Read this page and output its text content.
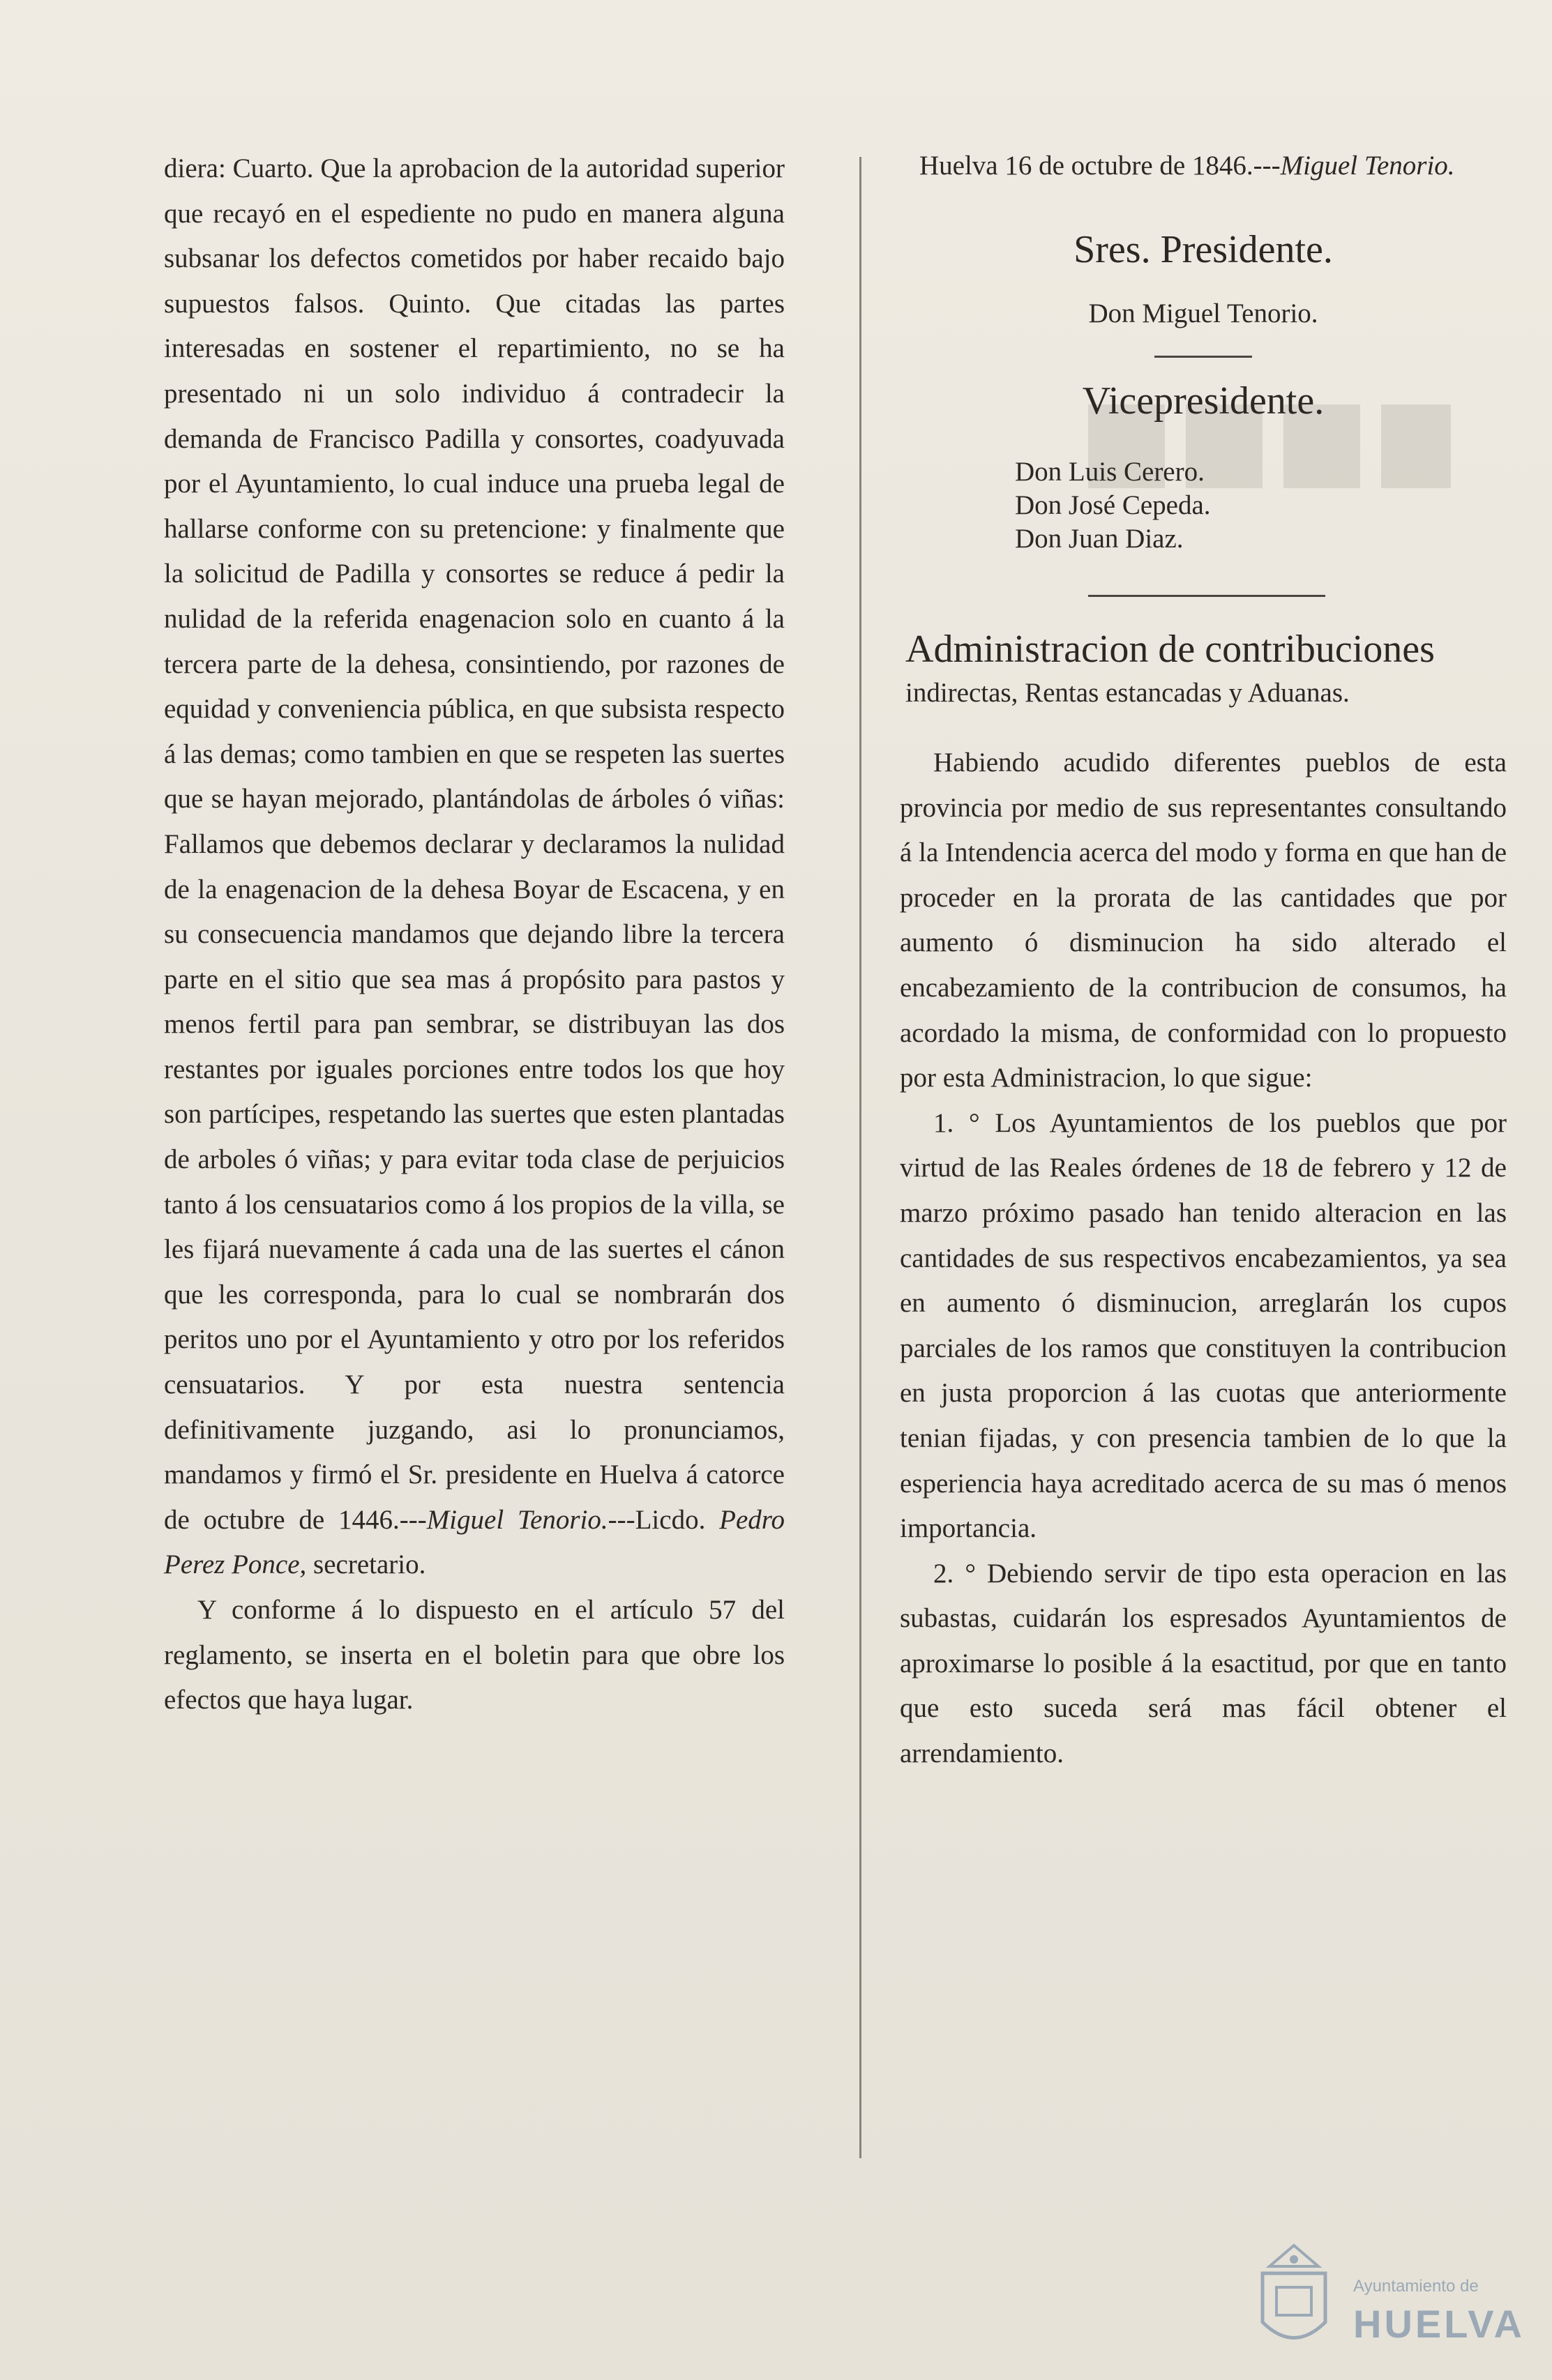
diera: Cuarto. Que la aprobacion de la autoridad superior que recayó en el espediente no pudo en manera alguna subsanar los defectos cometidos por haber recaido bajo supuestos falsos. Quinto. Que citadas las partes interesadas en sostener el repartimiento, no se ha presentado ni un solo individuo á contradecir la demanda de Francisco Padilla y consortes, coadyuvada por el Ayuntamiento, lo cual induce una prueba legal de hallarse conforme con su pretencione: y finalmente que la solicitud de Padilla y consortes se reduce á pedir la nulidad de la referida enagenacion solo en cuanto á la tercera parte de la dehesa, consintiendo, por razones de equidad y conveniencia pública, en que subsista respecto á las demas; como tambien en que se respeten las suertes que se hayan mejorado, plantándolas de árboles ó viñas: Fallamos que debemos declarar y declaramos la nulidad de la enagenacion de la dehesa Boyar de Escacena, y en su consecuencia mandamos que dejando libre la tercera parte en el sitio que sea mas á propósito para pastos y menos fertil para pan sembrar, se distribuyan las dos restantes por iguales porciones entre todos los que hoy son partícipes, respetando las suertes que esten plantadas de arboles ó viñas; y para evitar toda clase de perjuicios tanto á los censuatarios como á los propios de la villa, se les fijará nuevamente á cada una de las suertes el cánon que les corresponda, para lo cual se nombrarán dos peritos uno por el Ayuntamiento y otro por los referidos censuatarios. Y por esta nuestra sentencia definitivamente juzgando, asi lo pronunciamos, mandamos y firmó el Sr. presidente en Huelva á catorce de octubre de 1446.---Miguel Tenorio.---Licdo. Pedro Perez Ponce, secretario.

Y conforme á lo dispuesto en el artículo 57 del reglamento, se inserta en el boletin para que obre los efectos que haya lugar.

Huelva 16 de octubre de 1846.---Miguel Tenorio.

Sres. Presidente.

Don Miguel Tenorio.

Vicepresidente.

Don Luis Cerero.

Don José Cepeda.

Don Juan Diaz.

Administracion de contribuciones

indirectas, Rentas estancadas y Aduanas.

Habiendo acudido diferentes pueblos de esta provincia por medio de sus representantes consultando á la Intendencia acerca del modo y forma en que han de proceder en la prorata de las cantidades que por aumento ó disminucion ha sido alterado el encabezamiento de la contribucion de consumos, ha acordado la misma, de conformidad con lo propuesto por esta Administracion, lo que sigue:

1. ° Los Ayuntamientos de los pueblos que por virtud de las Reales órdenes de 18 de febrero y 12 de marzo próximo pasado han tenido alteracion en las cantidades de sus respectivos encabezamientos, ya sea en aumento ó disminucion, arreglarán los cupos parciales de los ramos que constituyen la contribucion en justa proporcion á las cuotas que anteriormente tenian fijadas, y con presencia tambien de lo que la esperiencia haya acreditado acerca de su mas ó menos importancia.

2. ° Debiendo servir de tipo esta operacion en las subastas, cuidarán los espresados Ayuntamientos de aproximarse lo posible á la esactitud, por que en tanto que esto suceda será mas fácil obtener el arrendamiento.

Ayuntamiento de
HUELVA
